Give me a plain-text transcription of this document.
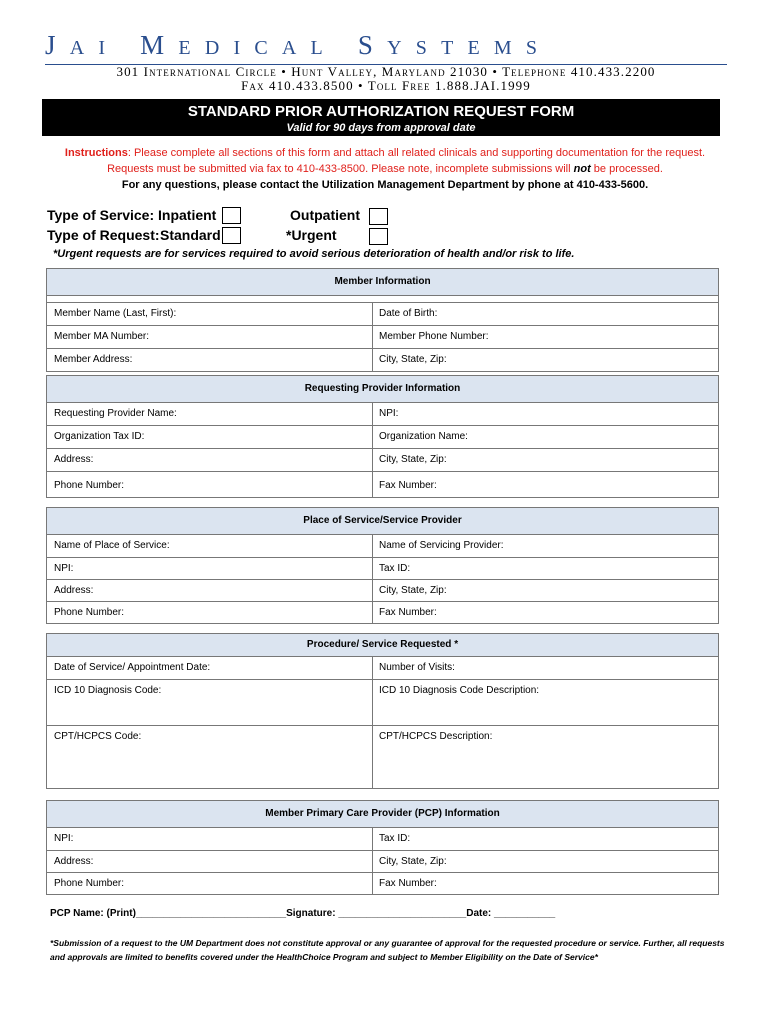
JAI MEDICAL SYSTEMS
301 International Circle • Hunt Valley, Maryland 21030 • Telephone 410.433.2200
Fax 410.433.8500 • Toll Free 1.888.JAI.1999
STANDARD PRIOR AUTHORIZATION REQUEST FORM
Valid for 90 days from approval date
Instructions: Please complete all sections of this form and attach all related clinicals and supporting documentation for the request.
Requests must be submitted via fax to 410-433-8500. Please note, incomplete submissions will not be processed.
For any questions, please contact the Utilization Management Department by phone at 410-433-5600.
Type of Service: Inpatient	Outpatient
Type of Request: Standard	*Urgent
*Urgent requests are for services required to avoid serious deterioration of health and/or risk to life.
Member Information
Member Name (Last, First):	Date of Birth:
Member MA Number:	Member Phone Number:
Member Address:	City, State, Zip:
Requesting Provider Information
Requesting Provider Name:	NPI:
Organization Tax ID:	Organization Name:
Address:	City, State, Zip:
Phone Number:	Fax Number:
Place of Service/Service Provider
Name of Place of Service:	Name of Servicing Provider:
NPI:	Tax ID:
Address:	City, State, Zip:
Phone Number:	Fax Number:
Procedure/ Service Requested *
Date of Service/ Appointment Date:	Number of Visits:
ICD 10 Diagnosis Code:	ICD 10 Diagnosis Code Description:
CPT/HCPCS Code:	CPT/HCPCS Description:
Member Primary Care Provider (PCP) Information
NPI:	Tax ID:
Address:	City, State, Zip:
Phone Number:	Fax Number:
PCP Name: (Print)___________________________Signature: _______________________Date: ___________
*Submission of a request to the UM Department does not constitute approval or any guarantee of approval for the requested procedure or service. Further, all requests and approvals are limited to benefits covered under the HealthChoice Program and subject to Member Eligibility on the Date of Service*
